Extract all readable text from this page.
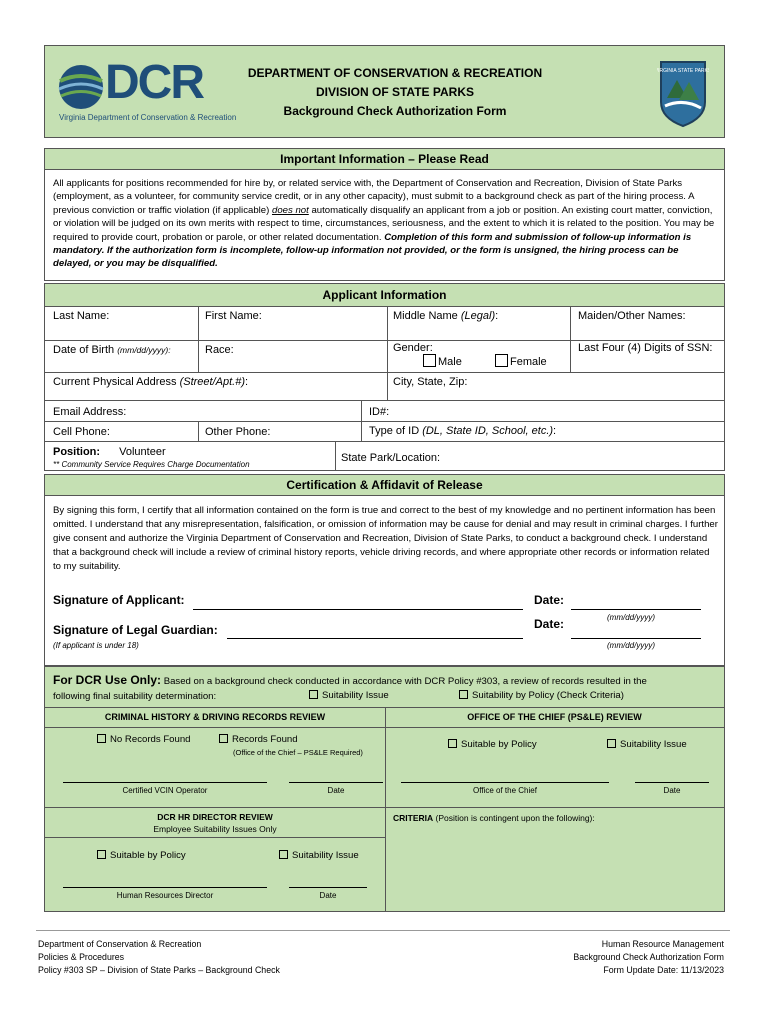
DCR
Virginia Department of Conservation & Recreation
DEPARTMENT OF CONSERVATION & RECREATION
DIVISION OF STATE PARKS
Background Check Authorization Form
VIRGINIA STATE PARKS
Important Information – Please Read
All applicants for positions recommended for hire by, or related service with, the Department of Conservation and Recreation, Division of State Parks (employment, as a volunteer, for community service credit, or in any other capacity), must submit to a background check as part of the hiring process. A previous conviction or traffic violation (if applicable) does not automatically disqualify an applicant from a job or position. An existing court matter, conviction, or violation will be judged on its own merits with respect to time, circumstances, seriousness, and the extent to which it is related to the position. You may be required to provide court, probation or parole, or other related documentation. Completion of this form and submission of follow-up information is mandatory. If the authorization form is incomplete, follow-up information not provided, or the form is unsigned, the hiring process can be delayed, or you may be disqualified.
Applicant Information
Last Name:	First Name:	Middle Name (Legal):	Maiden/Other Names:
Date of Birth (mm/dd/yyyy):	Race:	Gender:
Male	Female
Last Four (4) Digits of SSN:
Current Physical Address (Street/Apt.#):	City, State, Zip:
Email Address:	ID#:
Cell Phone:	Other Phone:	Type of ID (DL, State ID, School, etc.):
Position: Volunteer
** Community Service Requires Charge Documentation
State Park/Location:
Certification & Affidavit of Release
By signing this form, I certify that all information contained on the form is true and correct to the best of my knowledge and no pertinent information has been omitted. I understand that any misrepresentation, falsification, or omission of information may be cause for denial and may result in criminal charges. I further give consent and authorize the Virginia Department of Conservation and Recreation, Division of State Parks, to conduct a background check. I understand that a background check will include a review of criminal history reports, vehicle driving records, and where appropriate other records or information related to my suitability.
Signature of Applicant:	Date:
(mm/dd/yyyy)
Signature of Legal Guardian:	Date:
(If applicant is under 18)	(mm/dd/yyyy)
For DCR Use Only: Based on a background check conducted in accordance with DCR Policy #303, a review of records resulted in the
following final suitability determination:	Suitability Issue	Suitability by Policy (Check Criteria)
CRIMINAL HISTORY & DRIVING RECORDS REVIEW	OFFICE OF THE CHIEF (PS&LE) REVIEW
No Records Found	Records Found
(Office of the Chief – PS&LE Required)
Certified VCIN Operator	Date
Suitable by Policy	Suitability Issue
Office of the Chief	Date
DCR HR DIRECTOR REVIEW
Employee Suitability Issues Only
Suitable by Policy	Suitability Issue
Human Resources Director	Date
CRITERIA (Position is contingent upon the following):
Department of Conservation & Recreation
Policies & Procedures
Policy #303 SP – Division of State Parks – Background Check
Human Resource Management
Background Check Authorization Form
Form Update Date: 11/13/2023
